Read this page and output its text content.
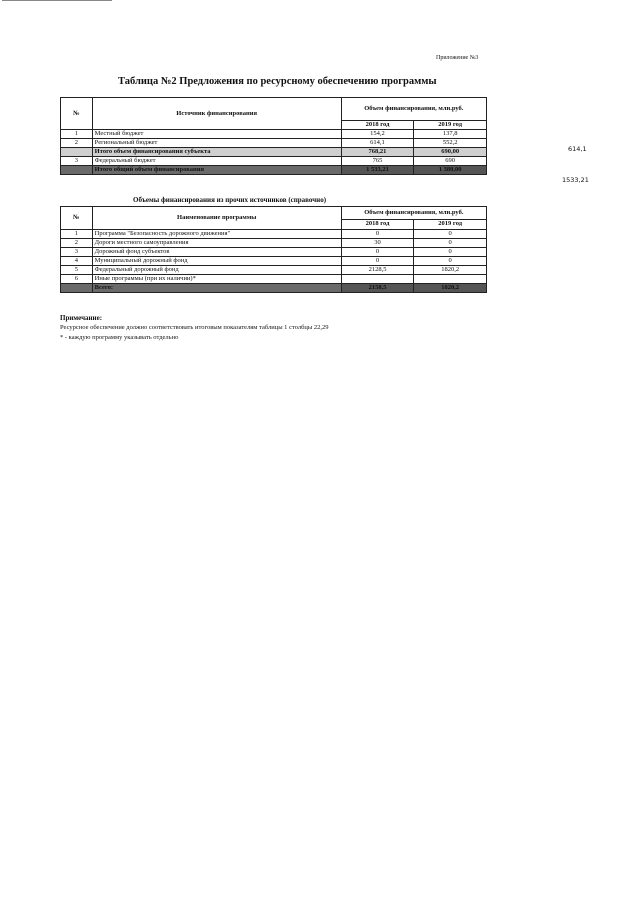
Приложение №3
Таблица №2 Предложения по ресурсному обеспечению программы
№	Источник финансирования	Объем финансирования, млн.руб.	
		2018 год	2019 год
1	Местный бюджет	154,2	137,8
2	Региональный бюджет	614,1	552,2
	Итого объем финансирования субъекта	768,21	690,00
3	Федеральный бюджет	765	690
	Итого общий объем финансирования	1 533,21	1 380,00
614,1
1533,21
Объемы финансирования из прочих источников (справочно)
№	Наименование программы	Объем финансирования, млн.руб.	
		2018 год	2019 год
1	Программа "Безопасность дорожного движения"	0	0
2	Дороги местного самоуправления	30	0
3	Дорожный фонд субъектов	0	0
4	Муниципальный дорожный фонд	0	0
5	Федеральный дорожный фонд	2128,5	1820,2
6	Иные программы (при их наличии)*		
	Всего:	2158,5	1820,2
Примечание:
Ресурсное обеспечение должно соответствовать итоговым показателям таблицы 1 столбцы 22,29
* - каждую программу указывать отдельно
